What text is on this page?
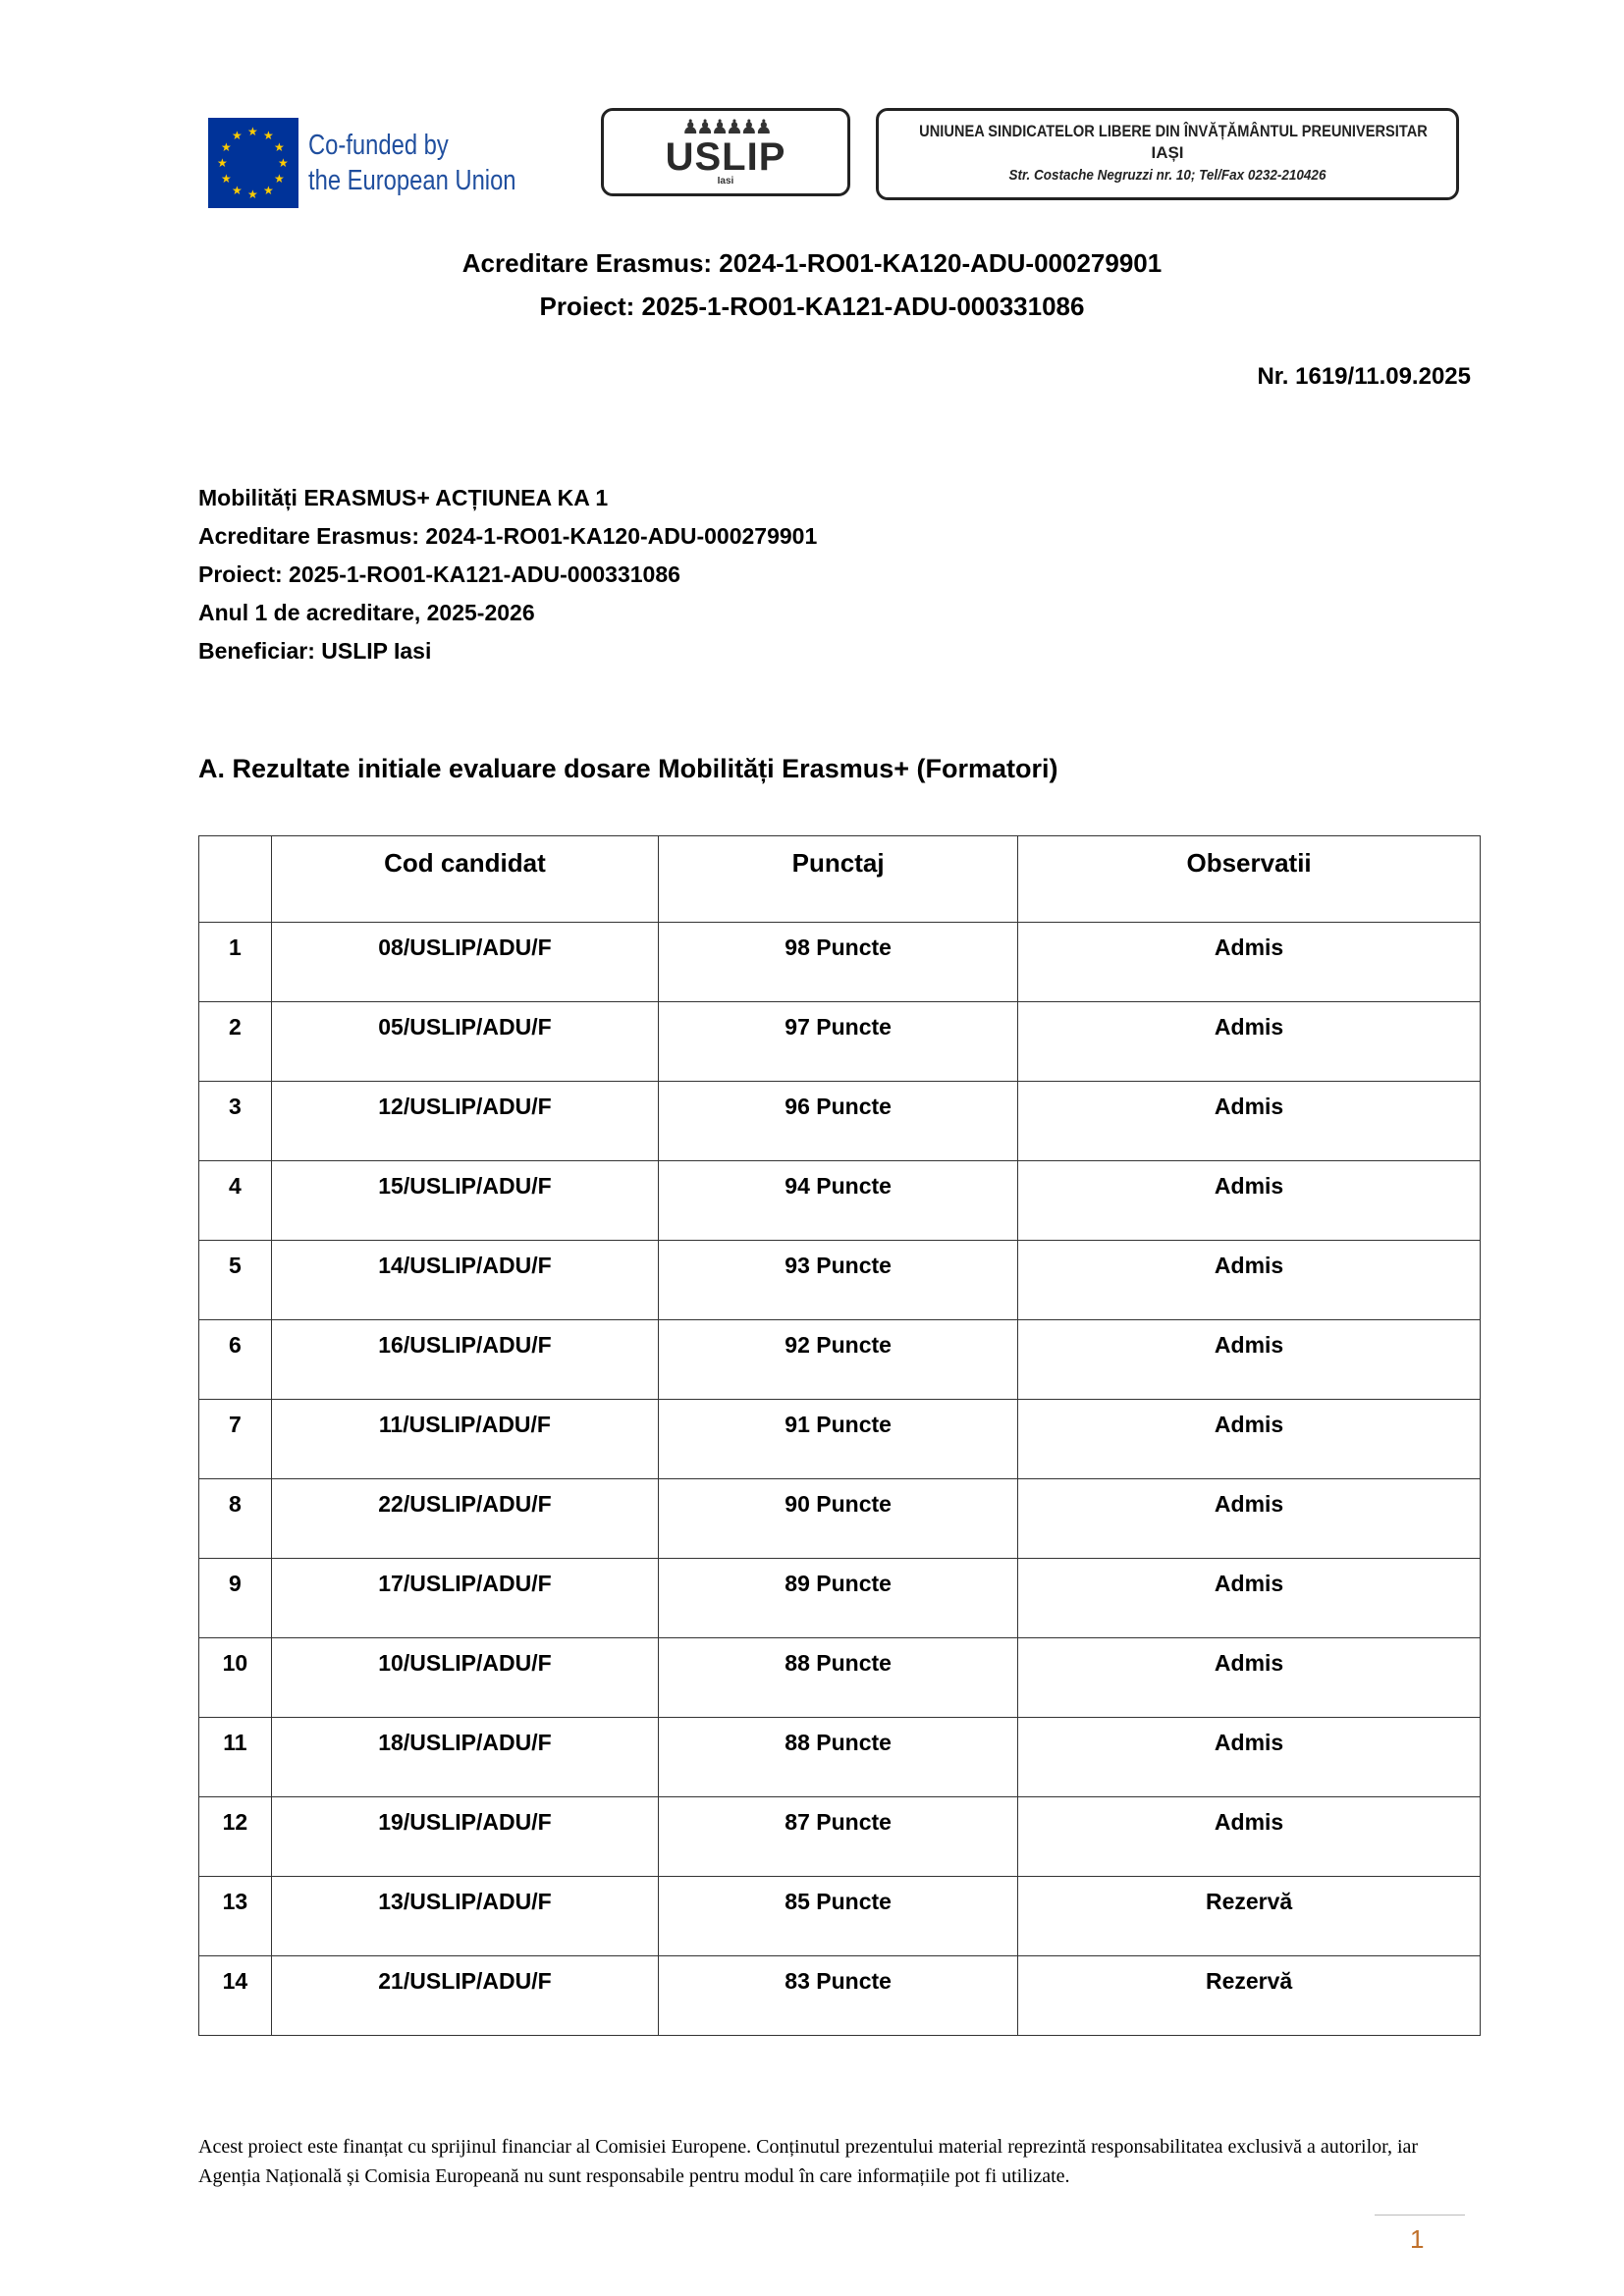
★ ★
★
★
★
★
★
★
★
★
★
★ Co-funded by
the European Union
♟♟♟♟♟♟
USLIP
Iasi
UNIUNEA SINDICATELOR LIBERE DIN ÎNVĂȚĂMÂNTUL PREUNIVERSITAR
IAȘI
Str. Costache Negruzzi nr. 10; Tel/Fax 0232-210426
Acreditare Erasmus: 2024-1-RO01-KA120-ADU-000279901
Proiect: 2025-1-RO01-KA121-ADU-000331086
Nr. 1619/11.09.2025
Mobilități ERASMUS+ ACȚIUNEA KA 1
Acreditare Erasmus: 2024-1-RO01-KA120-ADU-000279901
Proiect: 2025-1-RO01-KA121-ADU-000331086
Anul 1 de acreditare, 2025-2026
Beneficiar: USLIP Iasi
A. Rezultate initiale evaluare dosare Mobilități Erasmus+ (Formatori)
	Cod candidat	Punctaj	Observatii
1	08/USLIP/ADU/F	98 Puncte	Admis
2	05/USLIP/ADU/F	97 Puncte	Admis
3	12/USLIP/ADU/F	96 Puncte	Admis
4	15/USLIP/ADU/F	94 Puncte	Admis
5	14/USLIP/ADU/F	93 Puncte	Admis
6	16/USLIP/ADU/F	92 Puncte	Admis
7	11/USLIP/ADU/F	91 Puncte	Admis
8	22/USLIP/ADU/F	90 Puncte	Admis
9	17/USLIP/ADU/F	89 Puncte	Admis
10	10/USLIP/ADU/F	88 Puncte	Admis
11	18/USLIP/ADU/F	88 Puncte	Admis
12	19/USLIP/ADU/F	87 Puncte	Admis
13	13/USLIP/ADU/F	85 Puncte	Rezervă
14	21/USLIP/ADU/F	83 Puncte	Rezervă
Acest proiect este finanțat cu sprijinul financiar al Comisiei Europene. Conținutul prezentului material reprezintă responsabilitatea exclusivă a autorilor, iar Agenția Națională și Comisia Europeană nu sunt responsabile pentru modul în care informațiile pot fi utilizate.
1
